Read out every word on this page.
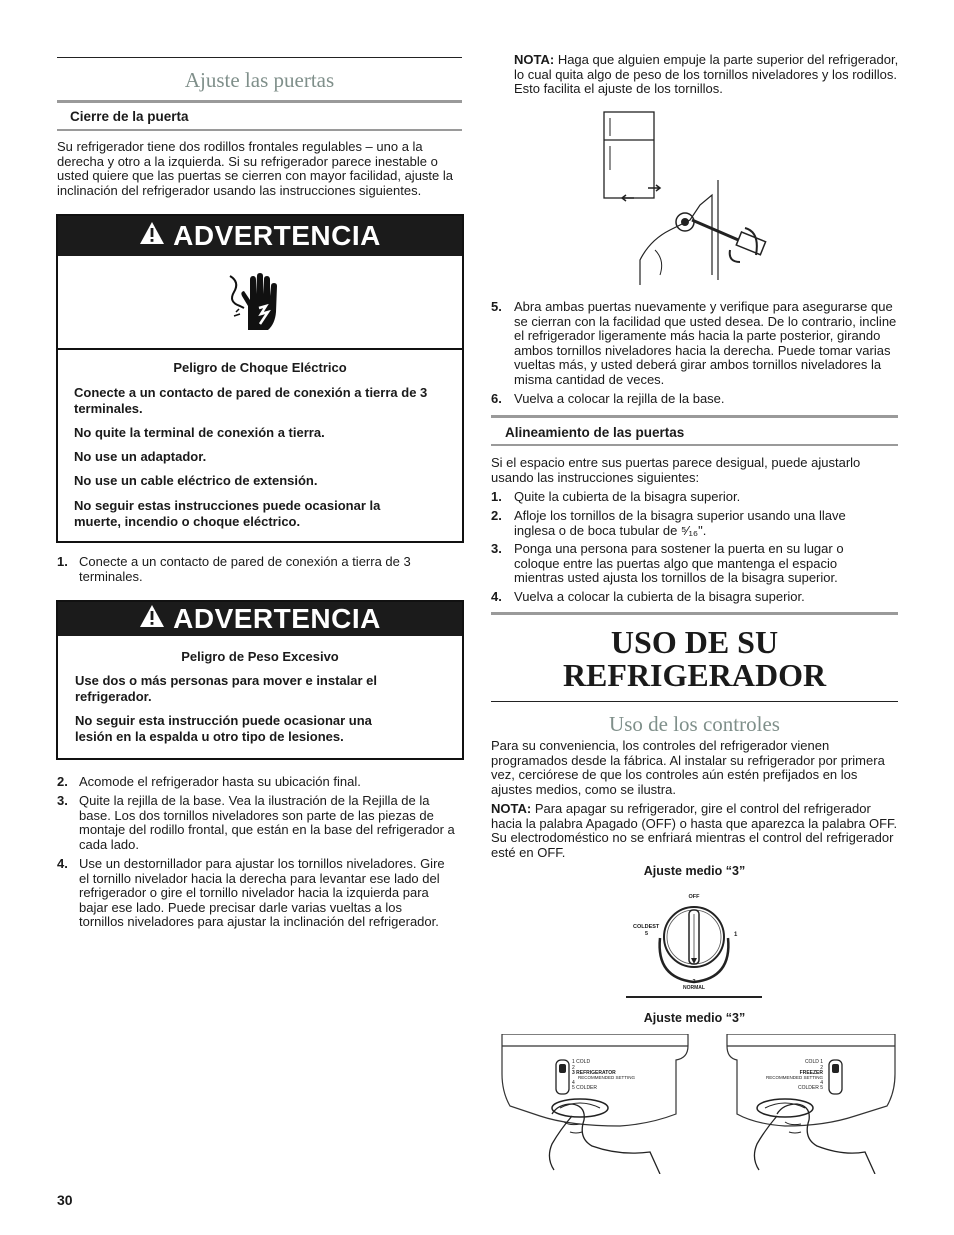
Ajuste las puertas
Cierre de la puerta
Su refrigerador tiene dos rodillos frontales regulables – uno a la derecha y otro a la izquierda. Si su refrigerador parece inestable o usted quiere que las puertas se cierren con mayor facilidad, ajuste la inclinación del refrigerador usando las instrucciones siguientes.
ADVERTENCIA
Peligro de Choque Eléctrico
Conecte a un contacto de pared de conexión a tierra de 3 terminales.
No quite la terminal de conexión a tierra.
No use un adaptador.
No use un cable eléctrico de extensión.
No seguir estas instrucciones puede ocasionar la muerte, incendio o choque eléctrico.
1. Conecte a un contacto de pared de conexión a tierra de 3 terminales.
ADVERTENCIA
Peligro de Peso Excesivo
Use dos o más personas para mover e instalar el refrigerador.
No seguir esta instrucción puede ocasionar una lesión en la espalda u otro tipo de lesiones.
2. Acomode el refrigerador hasta su ubicación final.
3. Quite la rejilla de la base. Vea la ilustración de la Rejilla de la base. Los dos tornillos niveladores son parte de las piezas de montaje del rodillo frontal, que están en la base del refrigerador a cada lado.
4. Use un destornillador para ajustar los tornillos niveladores. Gire el tornillo nivelador hacia la derecha para levantar ese lado del refrigerador o gire el tornillo nivelador hacia la izquierda para bajar ese lado. Puede precisar darle varias vueltas a los tornillos niveladores para ajustar la inclinación del refrigerador.
30
NOTA: Haga que alguien empuje la parte superior del refrigerador, lo cual quita algo de peso de los tornillos niveladores y los rodillos. Esto facilita el ajuste de los tornillos.
5. Abra ambas puertas nuevamente y verifique para asegurarse que se cierran con la facilidad que usted desea. De lo contrario, incline el refrigerador ligeramente más hacia la parte posterior, girando ambos tornillos niveladores hacia la derecha. Puede tomar varias vueltas más, y usted deberá girar ambos tornillos niveladores la misma cantidad de veces.
6. Vuelva a colocar la rejilla de la base.
Alineamiento de las puertas
Si el espacio entre sus puertas parece desigual, puede ajustarlo usando las instrucciones siguientes:
1. Quite la cubierta de la bisagra superior.
2. Afloje los tornillos de la bisagra superior usando una llave inglesa o de boca tubular de ⁵⁄₁₆".
3. Ponga una persona para sostener la puerta en su lugar o coloque entre las puertas algo que mantenga el espacio mientras usted ajusta los tornillos de la bisagra superior.
4. Vuelva a colocar la cubierta de la bisagra superior.
USO DE SU
REFRIGERADOR
Uso de los controles
Para su conveniencia, los controles del refrigerador vienen programados desde la fábrica. Al instalar su refrigerador por primera vez, cerciórese de que los controles aún estén prefijados en los ajustes medios, como se ilustra.
NOTA: Para apagar su refrigerador, gire el control del refrigerador hacia la palabra Apagado (OFF) o hasta que aparezca la palabra OFF. Su electrodoméstico no se enfriará mientras el control del refrigerador esté en OFF.
Ajuste medio “3”
OFF
COLDEST
5	1
3
NORMAL
Ajuste medio “3”
1 COLD
2
3 REFRIGERATOR
RECOMMENDED SETTING
4
5 COLDER
COLD 1
2
FREEZER
RECOMMENDED SETTING
4
COLDER 5
